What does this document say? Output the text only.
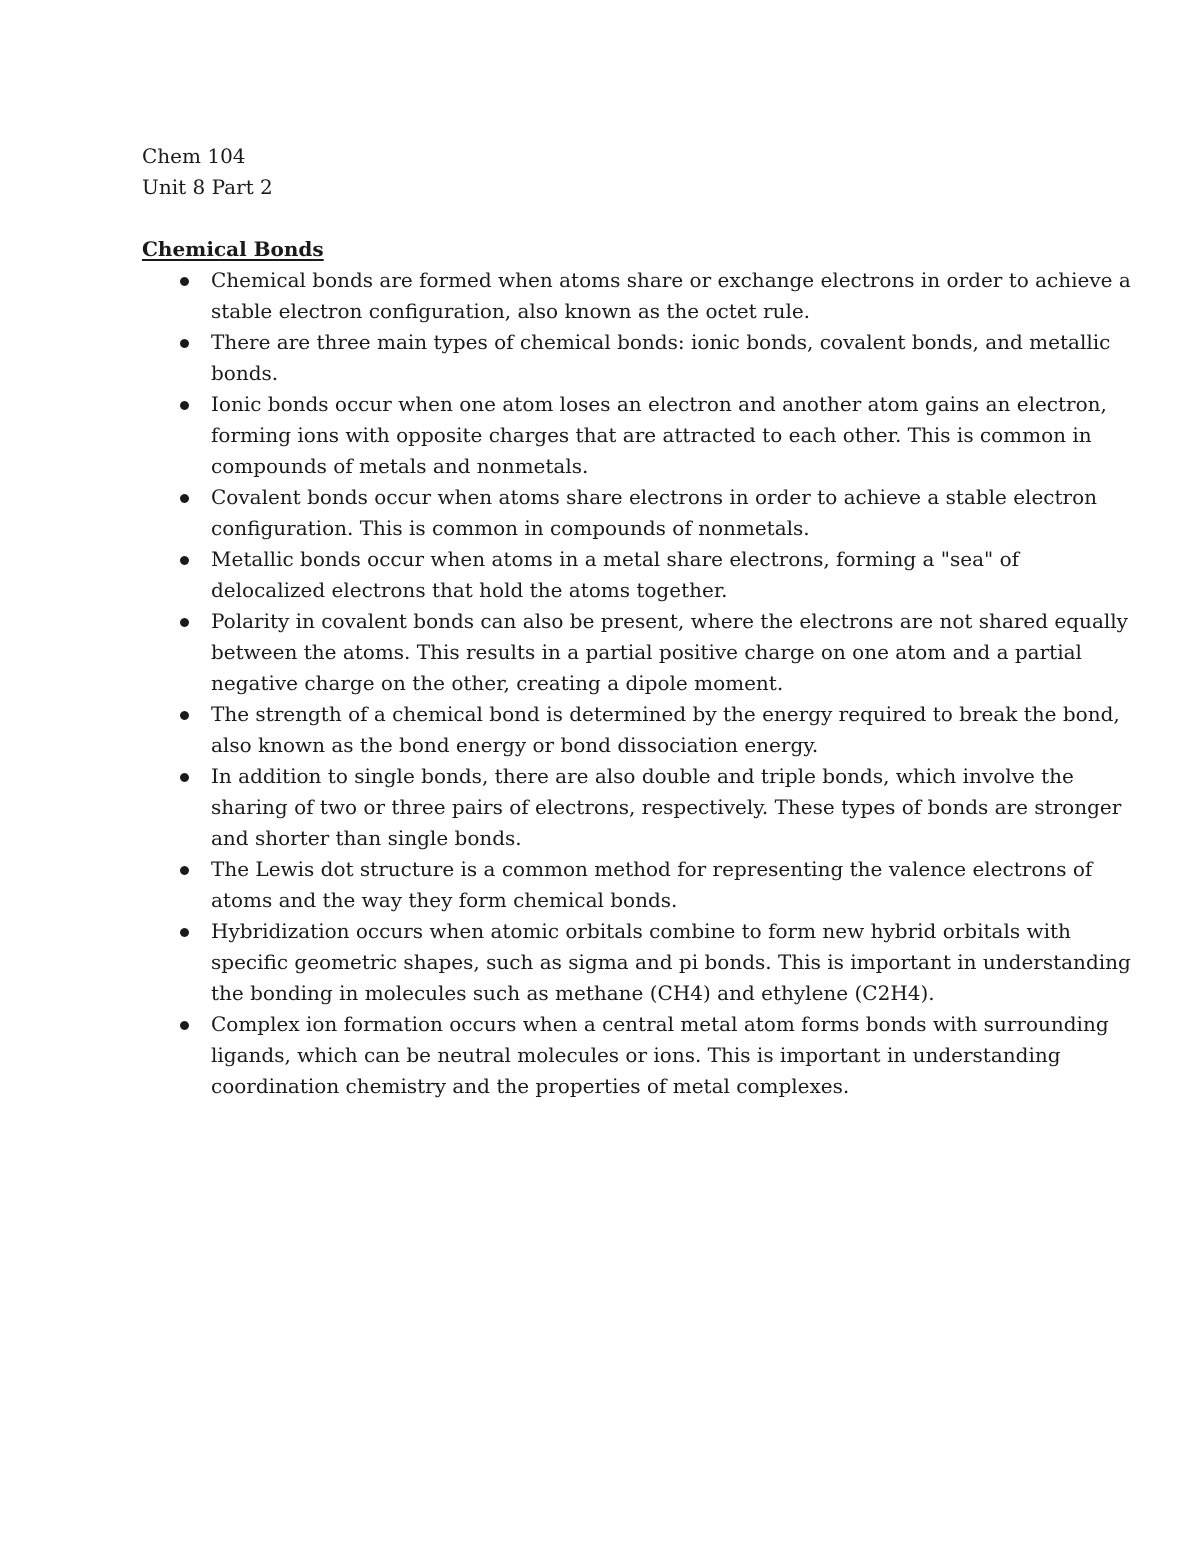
Chem 104
Unit 8 Part 2
Chemical Bonds
Chemical bonds are formed when atoms share or exchange electrons in order to achieve a
stable electron configuration, also known as the octet rule.
There are three main types of chemical bonds: ionic bonds, covalent bonds, and metallic
bonds.
Ionic bonds occur when one atom loses an electron and another atom gains an electron,
forming ions with opposite charges that are attracted to each other. This is common in
compounds of metals and nonmetals.
Covalent bonds occur when atoms share electrons in order to achieve a stable electron
configuration. This is common in compounds of nonmetals.
Metallic bonds occur when atoms in a metal share electrons, forming a "sea" of
delocalized electrons that hold the atoms together.
Polarity in covalent bonds can also be present, where the electrons are not shared equally
between the atoms. This results in a partial positive charge on one atom and a partial
negative charge on the other, creating a dipole moment.
The strength of a chemical bond is determined by the energy required to break the bond,
also known as the bond energy or bond dissociation energy.
In addition to single bonds, there are also double and triple bonds, which involve the
sharing of two or three pairs of electrons, respectively. These types of bonds are stronger
and shorter than single bonds.
The Lewis dot structure is a common method for representing the valence electrons of
atoms and the way they form chemical bonds.
Hybridization occurs when atomic orbitals combine to form new hybrid orbitals with
specific geometric shapes, such as sigma and pi bonds. This is important in understanding
the bonding in molecules such as methane (CH4) and ethylene (C2H4).
Complex ion formation occurs when a central metal atom forms bonds with surrounding
ligands, which can be neutral molecules or ions. This is important in understanding
coordination chemistry and the properties of metal complexes.
